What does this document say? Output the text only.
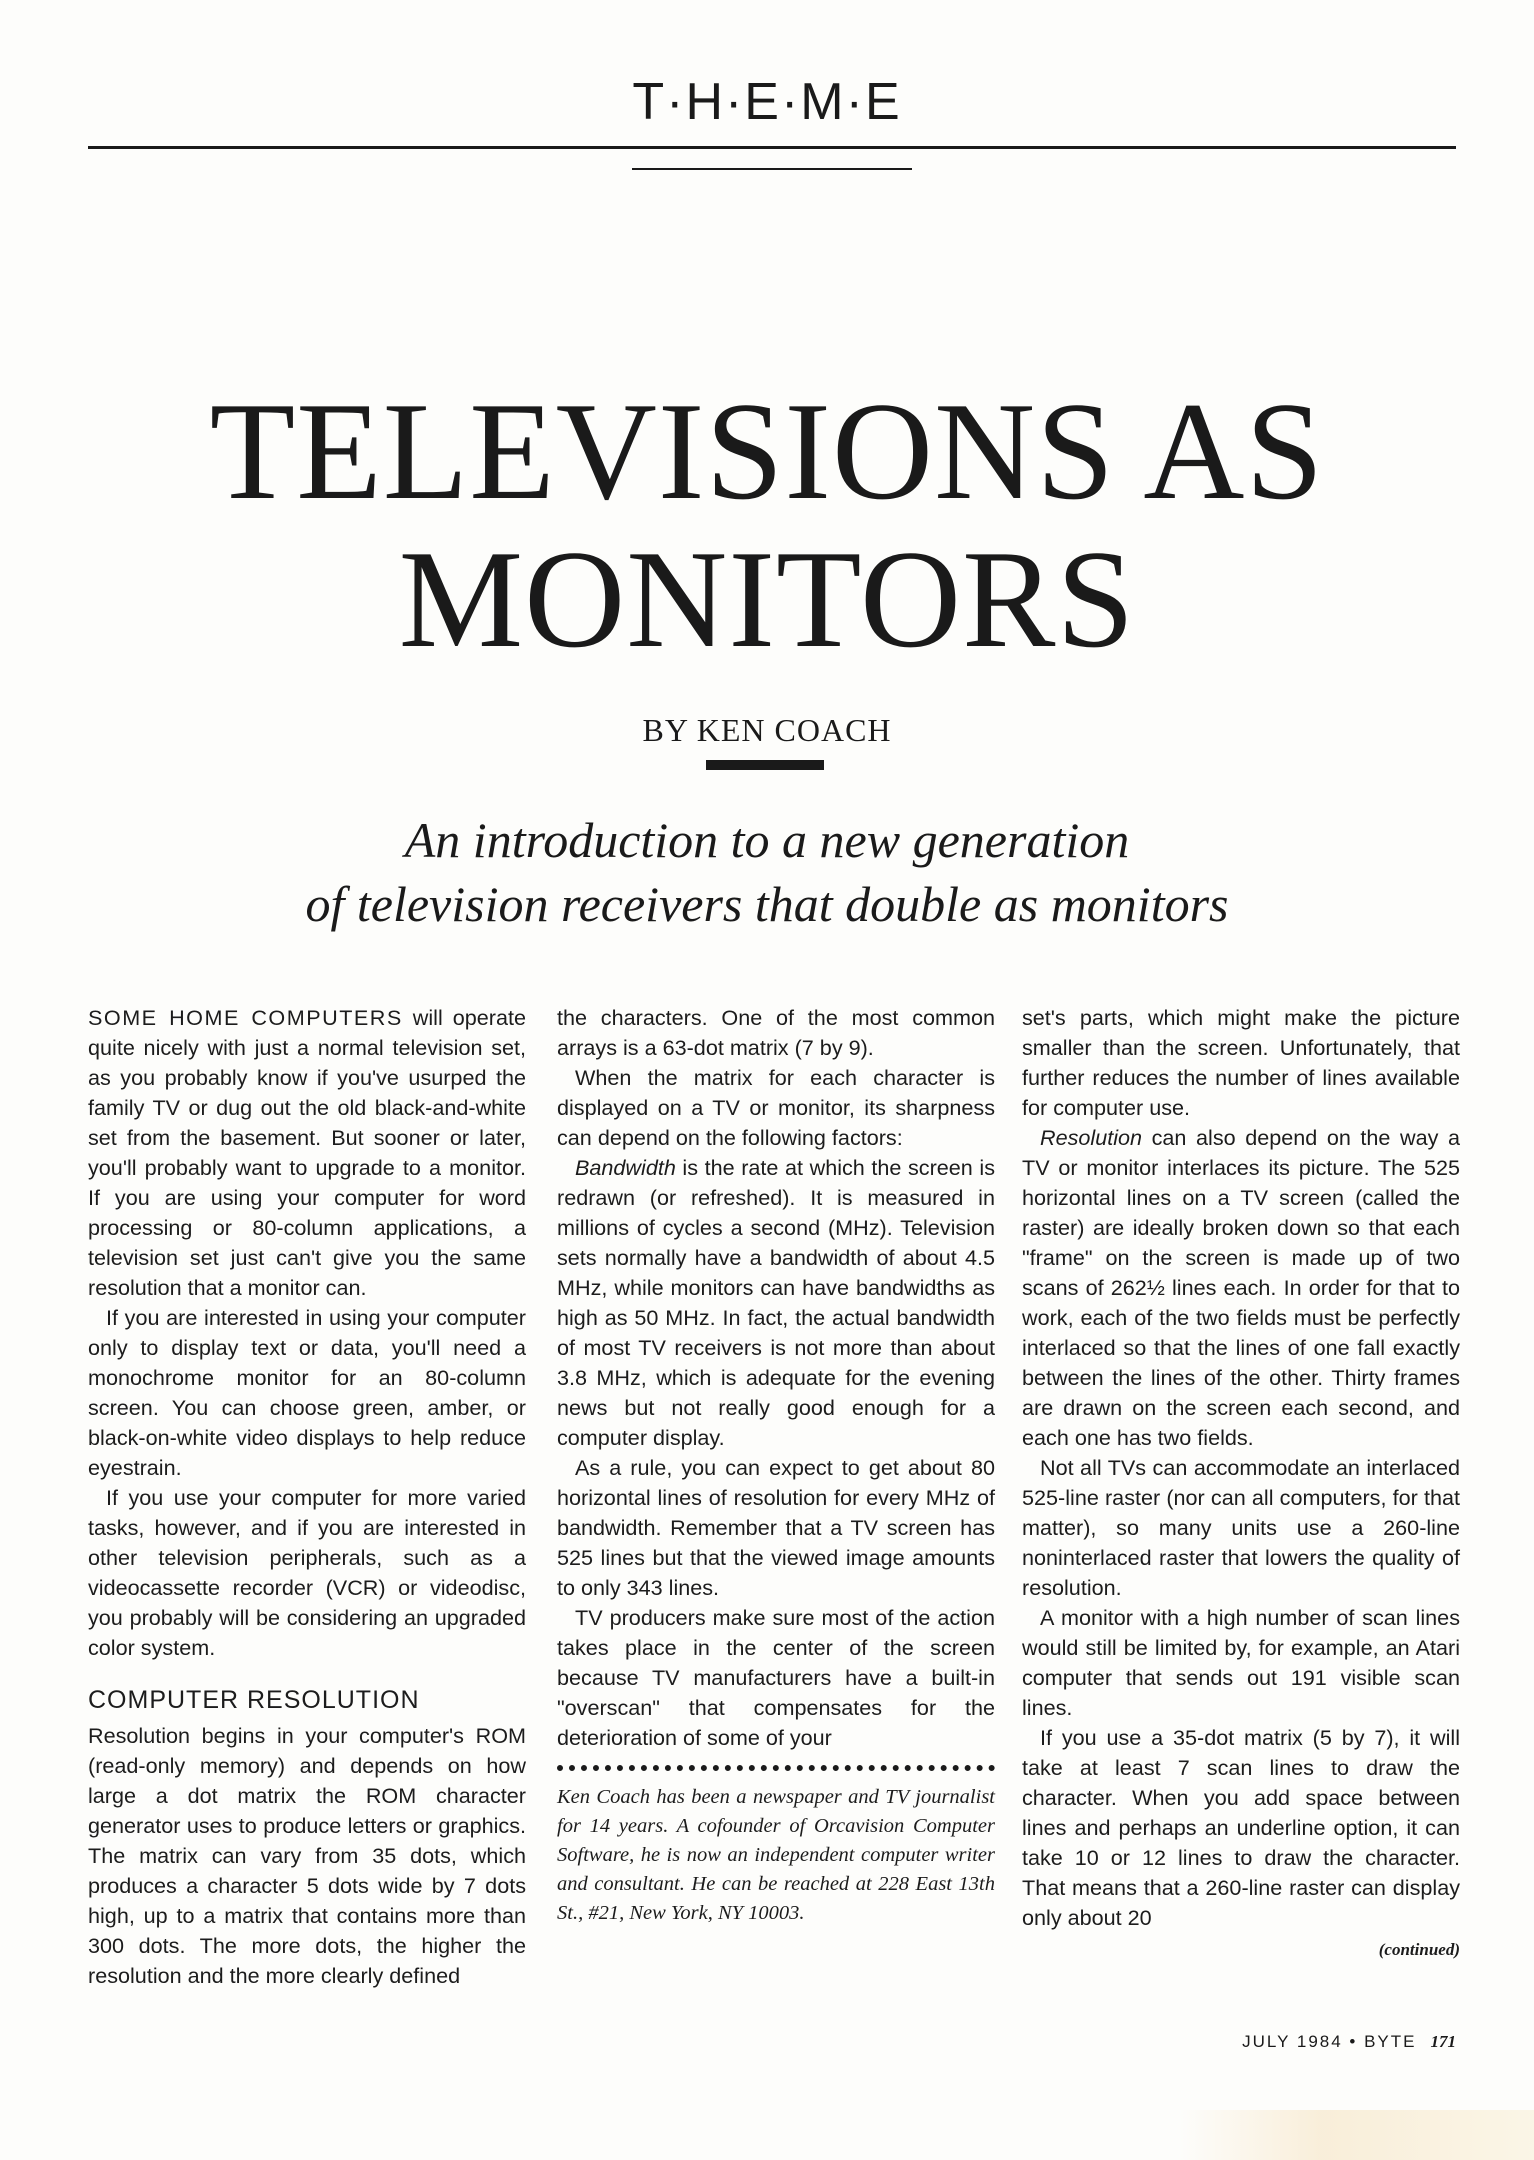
T·H·E·M·E
TELEVISIONS AS
MONITORS
BY KEN COACH
An introduction to a new generation
of television receivers that double as monitors

SOME HOME COMPUTERS will operate quite nicely with just a normal television set, as you probably know if you've usurped the family TV or dug out the old black-and-white set from the basement. But sooner or later, you'll probably want to upgrade to a monitor. If you are using your computer for word processing or 80-column applications, a television set just can't give you the same resolution that a monitor can.

If you are interested in using your computer only to display text or data, you'll need a monochrome monitor for an 80-column screen. You can choose green, amber, or black-on-white video displays to help reduce eyestrain.

If you use your computer for more varied tasks, however, and if you are interested in other television peripherals, such as a videocassette recorder (VCR) or videodisc, you probably will be considering an upgraded color system.

COMPUTER RESOLUTION

Resolution begins in your computer's ROM (read-only memory) and depends on how large a dot matrix the ROM character generator uses to produce letters or graphics. The matrix can vary from 35 dots, which produces a character 5 dots wide by 7 dots high, up to a matrix that contains more than 300 dots. The more dots, the higher the resolution and the more clearly defined

the characters. One of the most common arrays is a 63-dot matrix (7 by 9).

When the matrix for each character is displayed on a TV or monitor, its sharpness can depend on the following factors:

Bandwidth is the rate at which the screen is redrawn (or refreshed). It is measured in millions of cycles a second (MHz). Television sets normally have a bandwidth of about 4.5 MHz, while monitors can have bandwidths as high as 50 MHz. In fact, the actual bandwidth of most TV receivers is not more than about 3.8 MHz, which is adequate for the evening news but not really good enough for a computer display.

As a rule, you can expect to get about 80 horizontal lines of resolution for every MHz of bandwidth. Remember that a TV screen has 525 lines but that the viewed image amounts to only 343 lines.

TV producers make sure most of the action takes place in the center of the screen because TV manufacturers have a built-in "overscan" that compensates for the deterioration of some of your

Ken Coach has been a newspaper and TV journalist for 14 years. A cofounder of Orcavision Computer Software, he is now an independent computer writer and consultant. He can be reached at 228 East 13th St., #21, New York, NY 10003.

set's parts, which might make the picture smaller than the screen. Unfortunately, that further reduces the number of lines available for computer use.

Resolution can also depend on the way a TV or monitor interlaces its picture. The 525 horizontal lines on a TV screen (called the raster) are ideally broken down so that each "frame" on the screen is made up of two scans of 262½ lines each. In order for that to work, each of the two fields must be perfectly interlaced so that the lines of one fall exactly between the lines of the other. Thirty frames are drawn on the screen each second, and each one has two fields.

Not all TVs can accommodate an interlaced 525-line raster (nor can all computers, for that matter), so many units use a 260-line noninterlaced raster that lowers the quality of resolution.

A monitor with a high number of scan lines would still be limited by, for example, an Atari computer that sends out 191 visible scan lines.

If you use a 35-dot matrix (5 by 7), it will take at least 7 scan lines to draw the character. When you add space between lines and perhaps an underline option, it can take 10 or 12 lines to draw the character. That means that a 260-line raster can display only about 20

(continued)
JULY 1984 • BYTE 171
